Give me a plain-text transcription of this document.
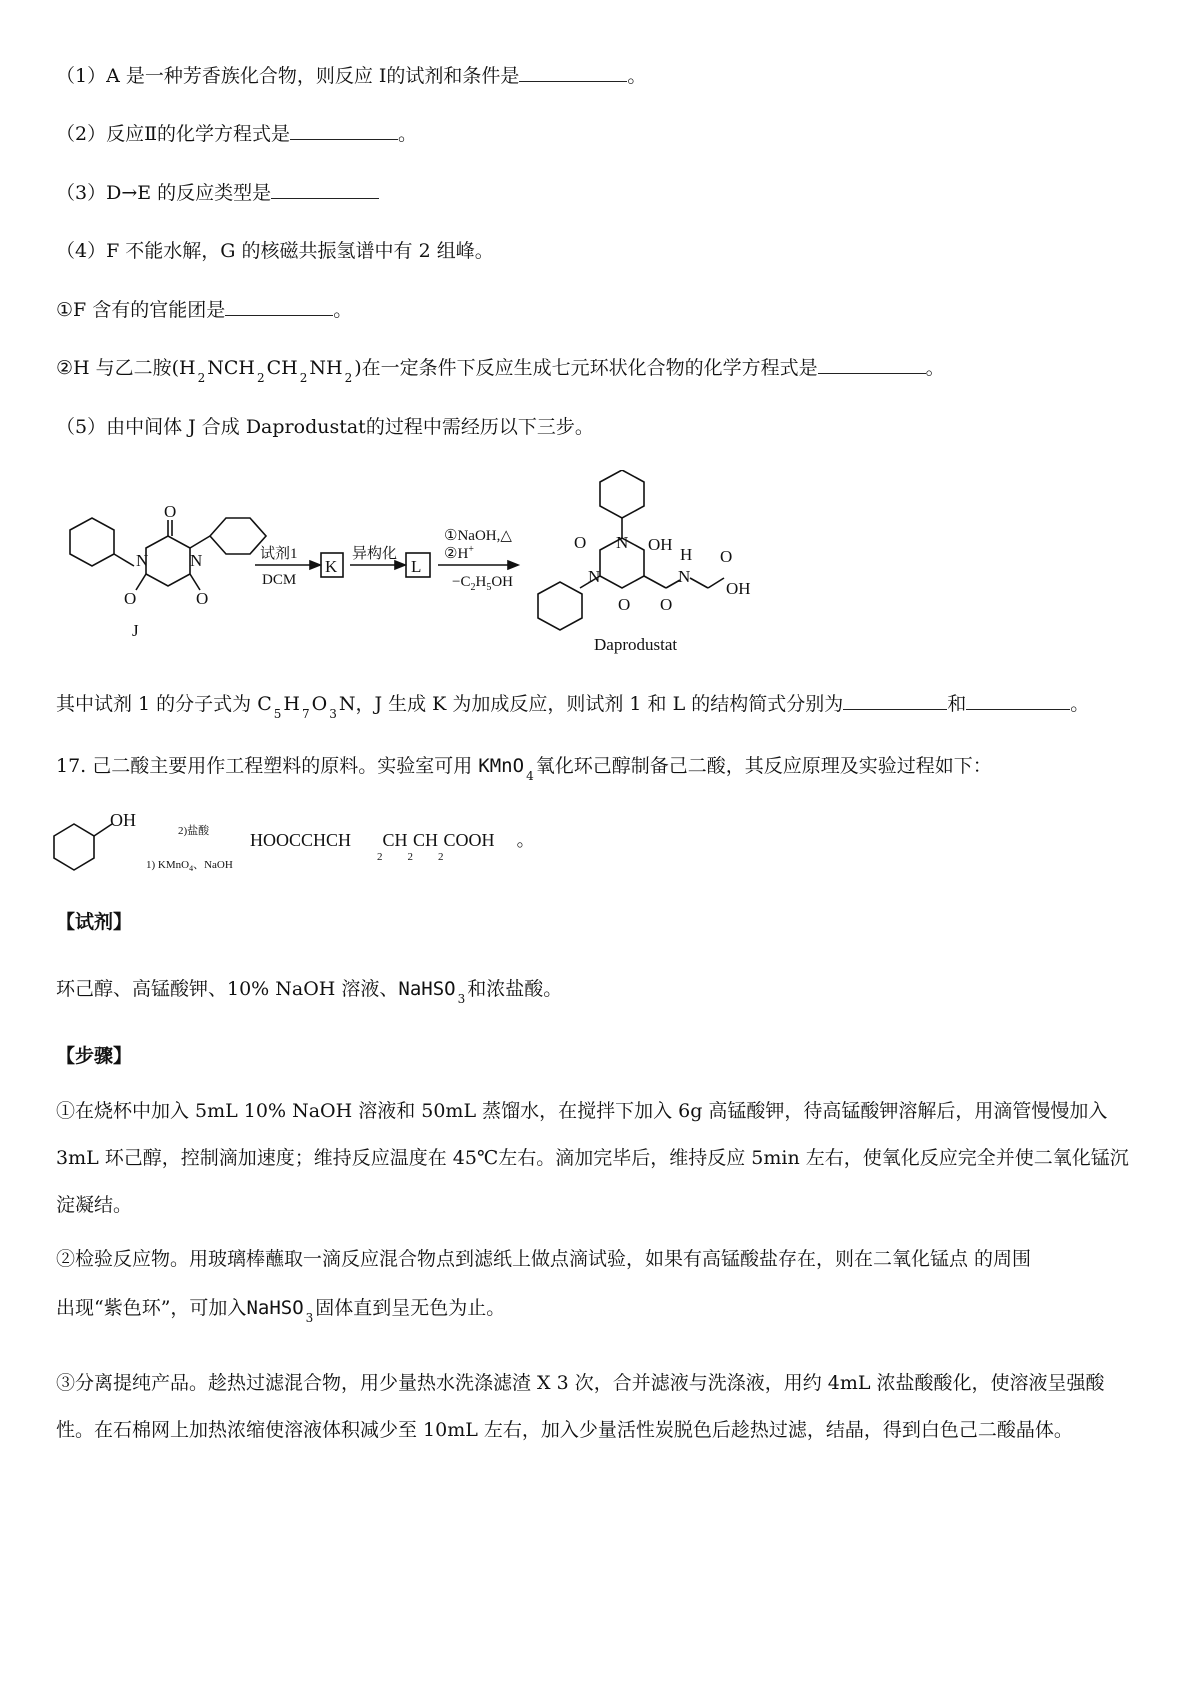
（1）A 是一种芳香族化合物，则反应 Ⅰ的试剂和条件是	。
（2）反应Ⅱ的化学方程式是	。
（3）D→E 的反应类型是
（4）F 不能水解，G 的核磁共振氢谱中有 2 组峰。
①F 含有的官能团是	。
②H 与乙二胺(H $_2$ NCH $_2$ CH $_2$ NH $_2$ )在一定条件下反应生成七元环状化合物的化学方程式是	。
（5）由中间体 J 合成 Daprodustat的过程中需经历以下三步。
O
N N
O	O
J
试剂1
DCM
K
异构化
L
①NaOH,△
②H+
$-C_2H_5OH$
N
O	OH
N
O O
H
N
O
OH
Daprodustat
其中试剂 1 的分子式为 C $_5$ H $_7$ O $_3$ N，J 生成 K 为加成反应，则试剂 1 和 L 的结构简式分别为	和	。
17. 己二酸主要用作工程塑料的原料。实验室可用 KMnO $_4$ 氧化环己醇制备己二酸，其反应原理及实验过程如下：
OH
2)盐酸
1) KMnO$_4$、NaOH
$HOOCCHCH_2CH_2CH_2COOH$ 。
【试剂】
环己醇、高锰酸钾、10% NaOH 溶液、NaHSO $_3$ 和浓盐酸。
【步骤】
①在烧杯中加入 5mL 10% NaOH 溶液和 50mL 蒸馏水，在搅拌下加入 6g 高锰酸钾，待高锰酸钾溶解后，用滴管慢慢加入 3mL 环己醇，控制滴加速度；维持反应温度在 45℃左右。滴加完毕后，维持反应 5min 左右，使氧化反应完全并使二氧化锰沉淀凝结。
②检验反应物。用玻璃棒蘸取一滴反应混合物点到滤纸上做点滴试验，如果有高锰酸盐存在，则在二氧化锰点 的周围
出现“紫色环”，可加入NaHSO $_3$ 固体直到呈无色为止。
③分离提纯产品。趁热过滤混合物，用少量热水洗涤滤渣 X 3 次，合并滤液与洗涤液，用约 4mL 浓盐酸酸化，使溶液呈强酸性。在石棉网上加热浓缩使溶液体积减少至 10mL 左右，加入少量活性炭脱色后趁热过滤，结晶，得到白色己二酸晶体。
